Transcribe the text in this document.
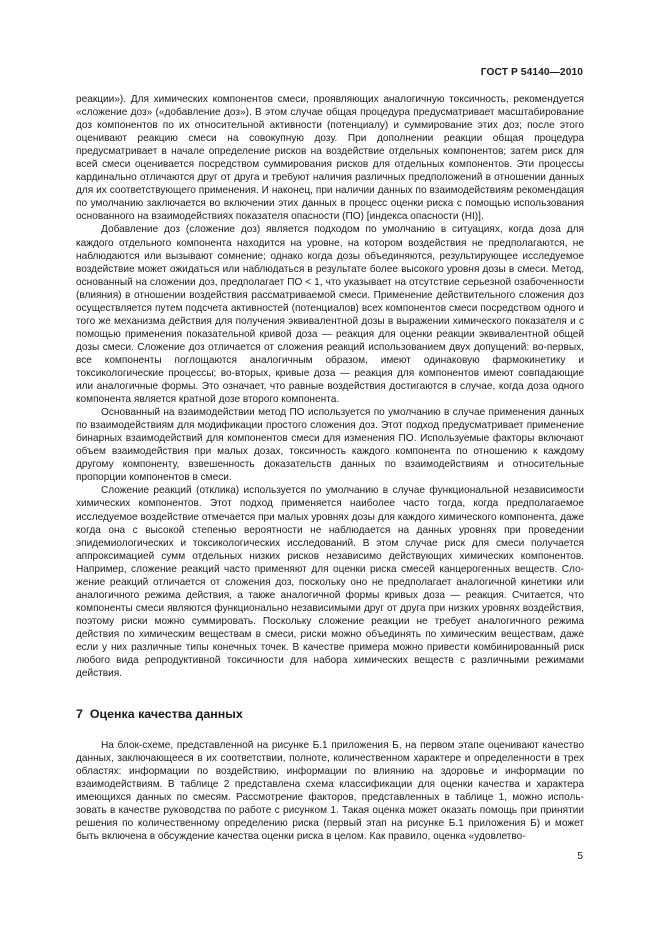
ГОСТ Р 54140—2010

реакции»). Для химических компонентов смеси, проявляющих аналогичную токсичность, рекомендуется «сложение доз» («добавление доз»). В этом случае общая процедура предусматривает масштабирование доз компонентов по их относительной активности (потенциалу) и суммирование этих доз; после этого оценивают реакцию смеси на совокупную дозу. При дополнении реакции общая процедура предусматривает в начале определение рисков на воздействие отдельных компонентов; затем риск для всей смеси оценивается посредством суммирования рисков для отдельных компонентов. Эти процессы кардинально отличаются друг от друга и требуют наличия различных предположений в отношении данных для их соответствующего применения. И наконец, при наличии данных по взаимодействиям рекомендация по умолчанию заключается во включении этих данных в процесс оценки риска с помощью использования основанного на взаимодействиях показателя опасности (ПО) [индекса опасности (HI)].

Добавление доз (сложение доз) является подходом по умолчанию в ситуациях, когда доза для каждого отдельного компонента находится на уровне, на котором воздействия не предполагаются, не наблюдаются или вызывают сомнение; однако когда дозы объединяются, результирующее исследуемое воздействие может ожидаться или наблюдаться в результате более высокого уровня дозы в смеси. Метод, основанный на сложении доз, предполагает ПО < 1, что указывает на отсутствие серьезной озабоченности (влияния) в отношении воздействия рассматриваемой смеси. Применение действительного сложения доз осуществляется путем подсчета активностей (потенциалов) всех компонентов смеси посредством одного и того же механизма действия для получения эквивалентной дозы в выражении химического показателя и с помощью применения показательной кривой доза — реакция для оценки реакции эквивалентной общей дозы смеси. Сложение доз отличается от сложения реакций использованием двух допущений: во-первых, все компоненты поглощаются аналогичным образом, имеют одинаковую фармокинетику и токсикологические процессы; во-вторых, кривые доза — реакция для компонентов имеют совпадающие или аналогичные формы. Это означает, что равные воздействия достигаются в случае, когда доза одного компонента является кратной дозе второго компонента.

Основанный на взаимодействии метод ПО используется по умолчанию в случае применения данных по взаимодействиям для модификации простого сложения доз. Этот подход предусматривает применение бинарных взаимодействий для компонентов смеси для изменения ПО. Используемые факторы включают объем взаимодействия при малых дозах, токсичность каждого компонента по отношению к каждому другому компоненту, взвешенность доказательств данных по взаимодействиям и относительные пропорции компонентов в смеси.

Сложение реакций (отклика) используется по умолчанию в случае функциональной независимости химических компонентов. Этот подход применяется наиболее часто тогда, когда предполагаемое исследуемое воздействие отмечается при малых уровнях дозы для каждого химического компонента, даже когда она с высокой степенью вероятности не наблюдается на данных уровнях при проведении эпидемиологических и токсикологических исследований. В этом случае риск для смеси получается аппроксимацией сумм отдельных низких рисков независимо действующих химических компонентов. Например, сложение реакций часто применяют для оценки риска смесей канцерогенных веществ. Сложение реакций отличается от сложения доз, поскольку оно не предполагает аналогичной кинетики или аналогичного режима действия, а также аналогичной формы кривых доза — реакция. Считается, что компоненты смеси являются функционально независимыми друг от друга при низких уровнях воздействия, поэтому риски можно суммировать. Поскольку сложение реакции не требует аналогичного режима действия по химическим веществам в смеси, риски можно объединять по химическим веществам, даже если у них различные типы конечных точек. В качестве примера можно привести комбинированный риск любого вида репродуктивной токсичности для набора химических веществ с различными режимами действия.

7 Оценка качества данных

На блок-схеме, представленной на рисунке Б.1 приложения Б, на первом этапе оценивают качество данных, заключающееся в их соответствии, полноте, количественном характере и определенности в трех областях: информации по воздействию, информации по влиянию на здоровье и информации по взаимодействиям. В таблице 2 представлена схема классификации для оценки качества и характера имеющихся данных по смесям. Рассмотрение факторов, представленных в таблице 1, можно использовать в качестве руководства по работе с рисунком 1. Такая оценка может оказать помощь при принятии решения по количественному определению риска (первый этап на рисунке Б.1 приложения Б) и может быть включена в обсуждение качества оценки риска в целом. Как правило, оценка «удовлетво-

5
